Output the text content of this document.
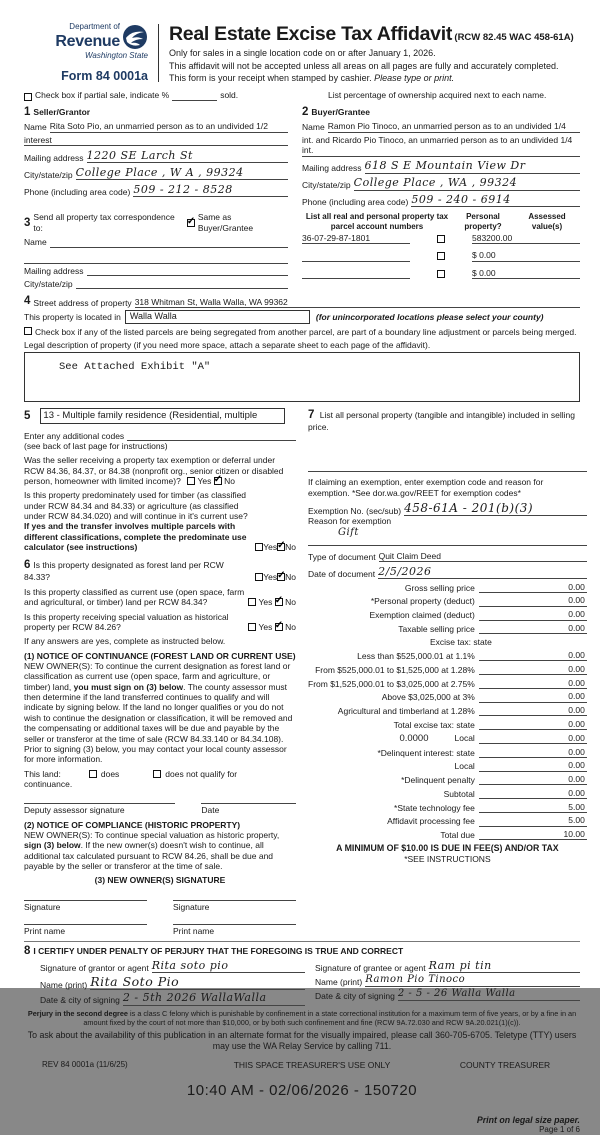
Department of
Revenue
Washington State
Form 84 0001a
Real Estate Excise Tax Affidavit (RCW 82.45 WAC 458-61A)
Only for sales in a single location code on or after January 1, 2026.
This affidavit will not be accepted unless all areas on all pages are fully and accurately completed.
This form is your receipt when stamped by cashier. Please type or print.
Check box if partial sale, indicate %	sold.	List percentage of ownership acquired next to each name.
1 Seller/Grantor
Name Rita Soto Pio, an unmarried person as to an undivided 1/2
interest
Mailing address 1220 SE Larch St
City/state/zip College Place , W A , 99324
Phone (including area code) 509 - 212 - 8528
2 Buyer/Grantee
Name Ramon Pio Tinoco, an unmarried person as to an undivided 1/4
int. and Ricardo Pio Tinoco, an unmarried person as to an undivided 1/4 int.
Mailing address 618 S E Mountain View Dr
City/state/zip College Place , WA , 99324
Phone (including area code) 509 - 240 - 6914
3 Send all property tax correspondence to:
✓ Same as Buyer/Grantee
Name
Mailing address
City/state/zip
List all real and personal property tax
parcel account numbers
Personal
property?
Assessed
value(s)
36-07-29-87-1801	583200.00
$ 0.00
$ 0.00
4 Street address of property 318 Whitman St, Walla Walla, WA 99362
This property is located in	Walla Walla	(for unincorporated locations please select your county)
Check box if any of the listed parcels are being segregated from another parcel, are part of a boundary line adjustment or parcels being merged.
Legal description of property (if you need more space, attach a separate sheet to each page of the affidavit).
See Attached Exhibit "A"
5	13 - Multiple family residence (Residential, multiple
Enter any additional codes
(see back of last page for instructions)
Was the seller receiving a property tax exemption or deferral under RCW 84.36, 84.37, or 84.38 (nonprofit org., senior citizen or disabled person, homeowner with limited income)? Yes ✓ No
Is this property predominately used for timber (as classified under RCW 84.34 and 84.33) or agriculture (as classified under RCW 84.34.020) and will continue in it's current use? If yes and the transfer involves multiple parcels with different classifications, complete the predominate use calculator (see instructions)	Yes ✓ No
6 Is this property designated as forest land per RCW 84.33?	Yes ✓ No
Is this property classified as current use (open space, farm and agricultural, or timber) land per RCW 84.34?	Yes ✓ No
Is this property receiving special valuation as historical property per RCW 84.26?	Yes ✓ No
If any answers are yes, complete as instructed below.
(1) NOTICE OF CONTINUANCE (FOREST LAND OR CURRENT USE)
NEW OWNER(S): To continue the current designation as forest land or classification as current use (open space, farm and agriculture, or timber) land, you must sign on (3) below. The county assessor must then determine if the land transferred continues to qualify and will indicate by signing below. If the land no longer qualifies or you do not wish to continue the designation or classification, it will be removed and the compensating or additional taxes will be due and payable by the seller or transferor at the time of sale (RCW 84.33.140 or 84.34.108). Prior to signing (3) below, you may contact your local county assessor for more information.
This land:	does	does not qualify for
continuance.
Deputy assessor signature	Date
(2) NOTICE OF COMPLIANCE (HISTORIC PROPERTY)
NEW OWNER(S): To continue special valuation as historic property, sign (3) below. If the new owner(s) doesn't wish to continue, all additional tax calculated pursuant to RCW 84.26, shall be due and payable by the seller or transferor at the time of sale.
(3) NEW OWNER(S) SIGNATURE
Signature	Signature
Print name	Print name
7 List all personal property (tangible and intangible) included in selling price.
If claiming an exemption, enter exemption code and reason for exemption. *See dor.wa.gov/REET for exemption codes*
Exemption No. (sec/sub) 458-61A - 201(b)(3)
Reason for exemption
Gift
Type of document Quit Claim Deed
Date of document 2/5/2026
Gross selling price	0.00
*Personal property (deduct)	0.00
Exemption claimed (deduct)	0.00
Taxable selling price	0.00
Excise tax: state
Less than $525,000.01 at 1.1%	0.00
From $525,000.01 to $1,525,000 at 1.28%	0.00
From $1,525,000.01 to $3,025,000 at 2.75%	0.00
Above $3,025,000 at 3%	0.00
Agricultural and timberland at 1.28%	0.00
Total excise tax: state	0.00
0.0000	Local	0.00
*Delinquent interest: state	0.00
Local	0.00
*Delinquent penalty	0.00
Subtotal	0.00
*State technology fee	5.00
Affidavit processing fee	5.00
Total due	10.00
A MINIMUM OF $10.00 IS DUE IN FEE(S) AND/OR TAX
*SEE INSTRUCTIONS
8 I CERTIFY UNDER PENALTY OF PERJURY THAT THE FOREGOING IS TRUE AND CORRECT
Signature of grantor or agent Rita soto pio
Name (print) Rita Soto Pio
Date & city of signing 2 - 5th 2026 WallaWalla
Signature of grantee or agent Ram pi tin
Name (print) Ramon Pio Tinoco
Date & city of signing 2 - 5 - 26 Walla Walla
Perjury in the second degree is a class C felony which is punishable by confinement in a state correctional institution for a maximum term of five years, or by a fine in an amount fixed by the court of not more than $10,000, or by both such confinement and fine (RCW 9A.72.030 and RCW 9A.20.021(1)(c)).
To ask about the availability of this publication in an alternate format for the visually impaired, please call 360-705-6705. Teletype (TTY) users may use the WA Relay Service by calling 711.
REV 84 0001a (11/6/25)	THIS SPACE TREASURER'S USE ONLY	COUNTY TREASURER
10:40 AM - 02/06/2026 - 150720
Print on legal size paper.
Page 1 of 6
